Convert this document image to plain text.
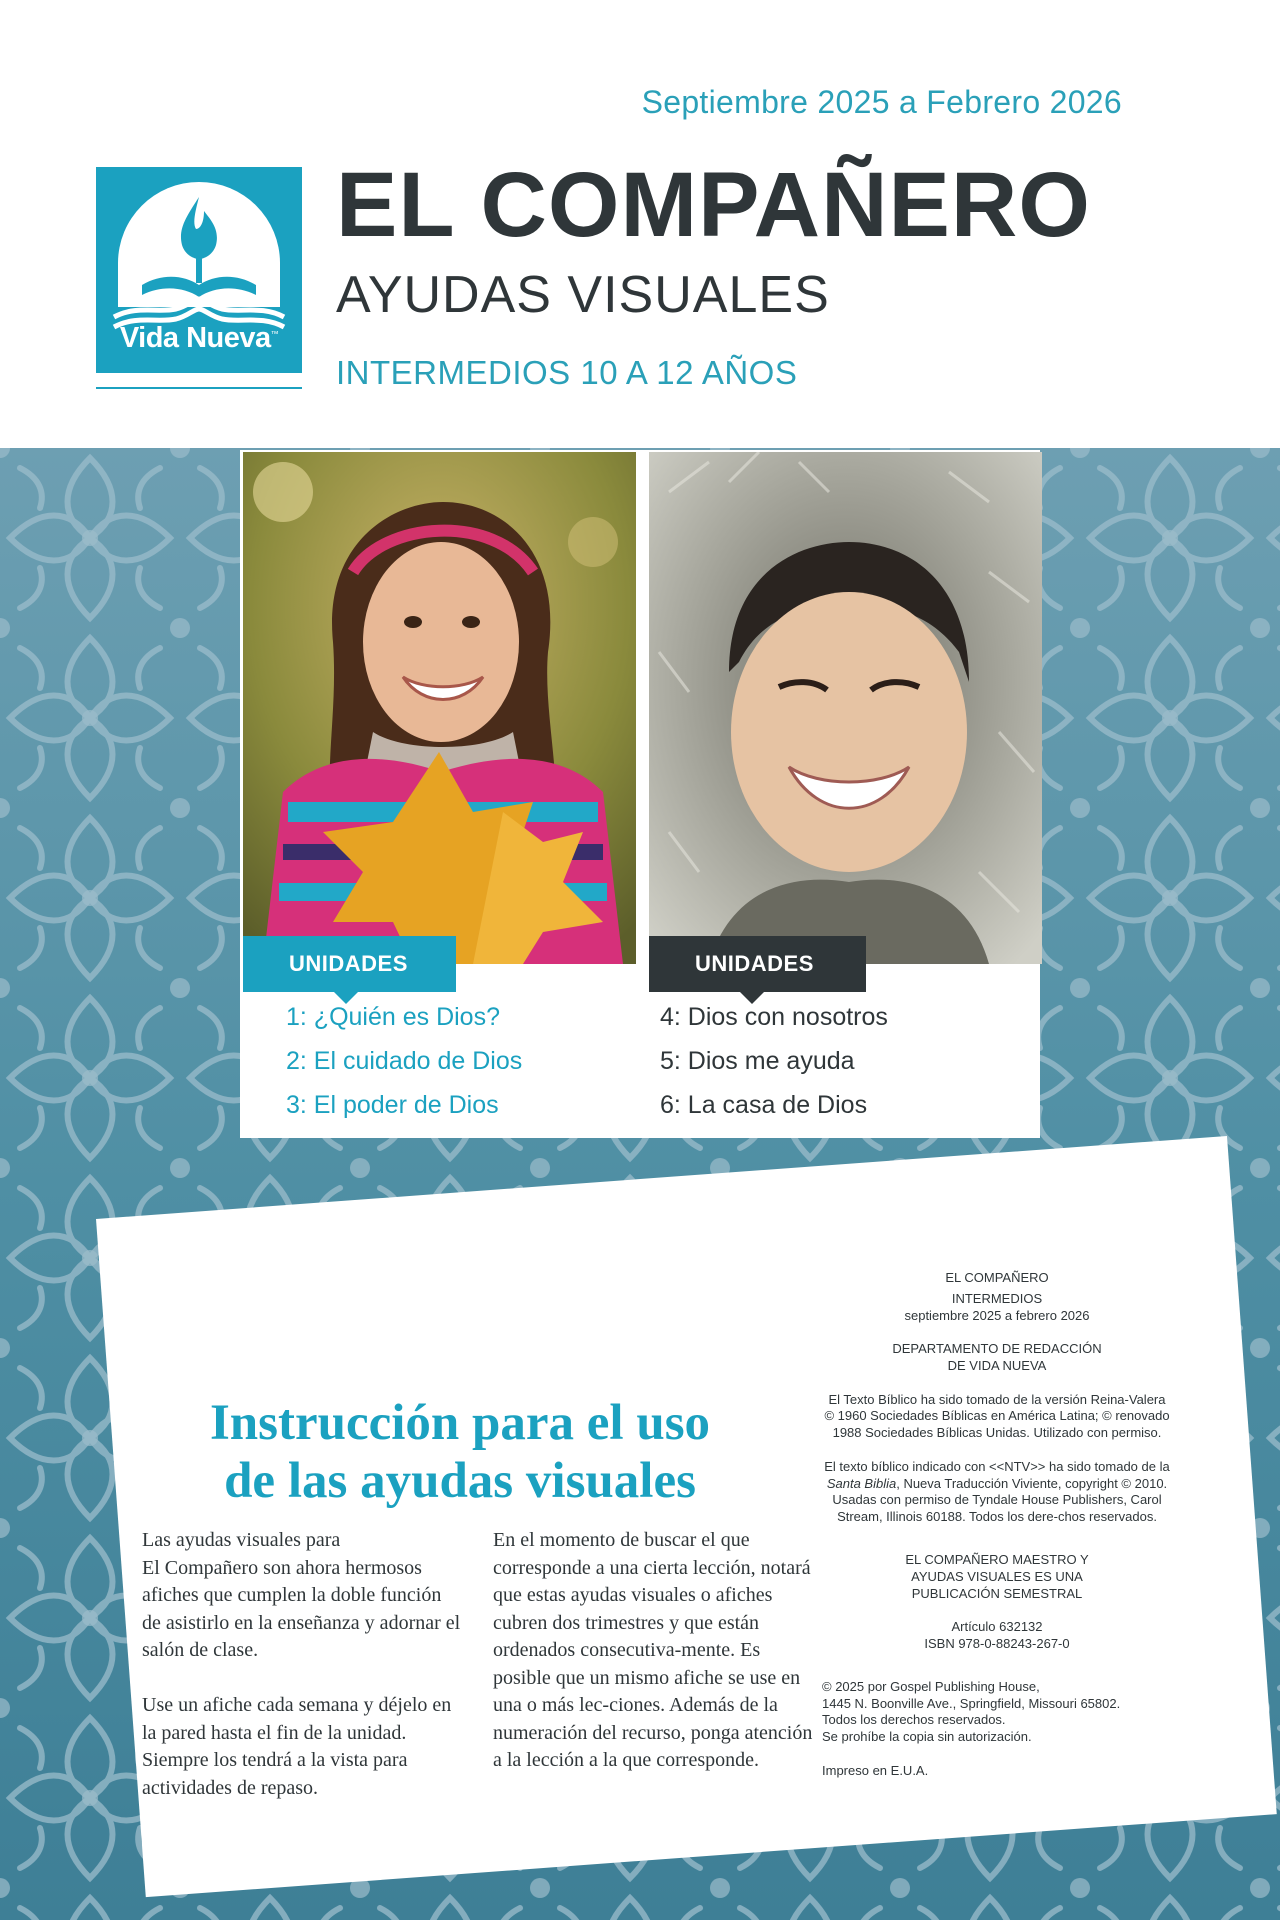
Septiembre 2025 a Febrero 2026
Vida Nueva™
EL COMPAÑERO
AYUDAS VISUALES
INTERMEDIOS 10 A 12 AÑOS
UNIDADES	UNIDADES
1: ¿Quién es Dios?
2: El cuidado de Dios
3: El poder de Dios
4: Dios con nosotros
5: Dios me ayuda
6: La casa de Dios
Instrucción para el uso
de las ayudas visuales

Las ayudas visuales para
El Compañero son ahora hermosos afiches que cumplen la doble función de asistirlo en la enseñanza y adornar el salón de clase.

Use un afiche cada semana y déjelo en la pared hasta el fin de la unidad. Siempre los tendrá a la vista para actividades de repaso.

En el momento de buscar el que corresponde a una cierta lección, notará que estas ayudas visuales o afiches cubren dos trimestres y que están ordenados consecutiva-mente. Es posible que un mismo afiche se use en una o más lec-ciones. Además de la numeración del recurso, ponga atención a la lección a la que corresponde.

EL COMPAÑERO
INTERMEDIOS
septiembre 2025 a febrero 2026
DEPARTAMENTO DE REDACCIÓN
DE VIDA NUEVA
El Texto Bíblico ha sido tomado de la versión Reina-Valera © 1960 Sociedades Bíblicas en América Latina; © renovado 1988 Sociedades Bíblicas Unidas. Utilizado con permiso.
El texto bíblico indicado con <<NTV>> ha sido tomado de la Santa Biblia, Nueva Traducción Viviente, copyright © 2010. Usadas con permiso de Tyndale House Publishers, Carol Stream, Illinois 60188. Todos los dere-chos reservados.
EL COMPAÑERO MAESTRO Y
AYUDAS VISUALES ES UNA
PUBLICACIÓN SEMESTRAL
Artículo 632132
ISBN 978-0-88243-267-0
© 2025 por Gospel Publishing House,
1445 N. Boonville Ave., Springfield, Missouri 65802.
Todos los derechos reservados.
Se prohíbe la copia sin autorización.
Impreso en E.U.A.
